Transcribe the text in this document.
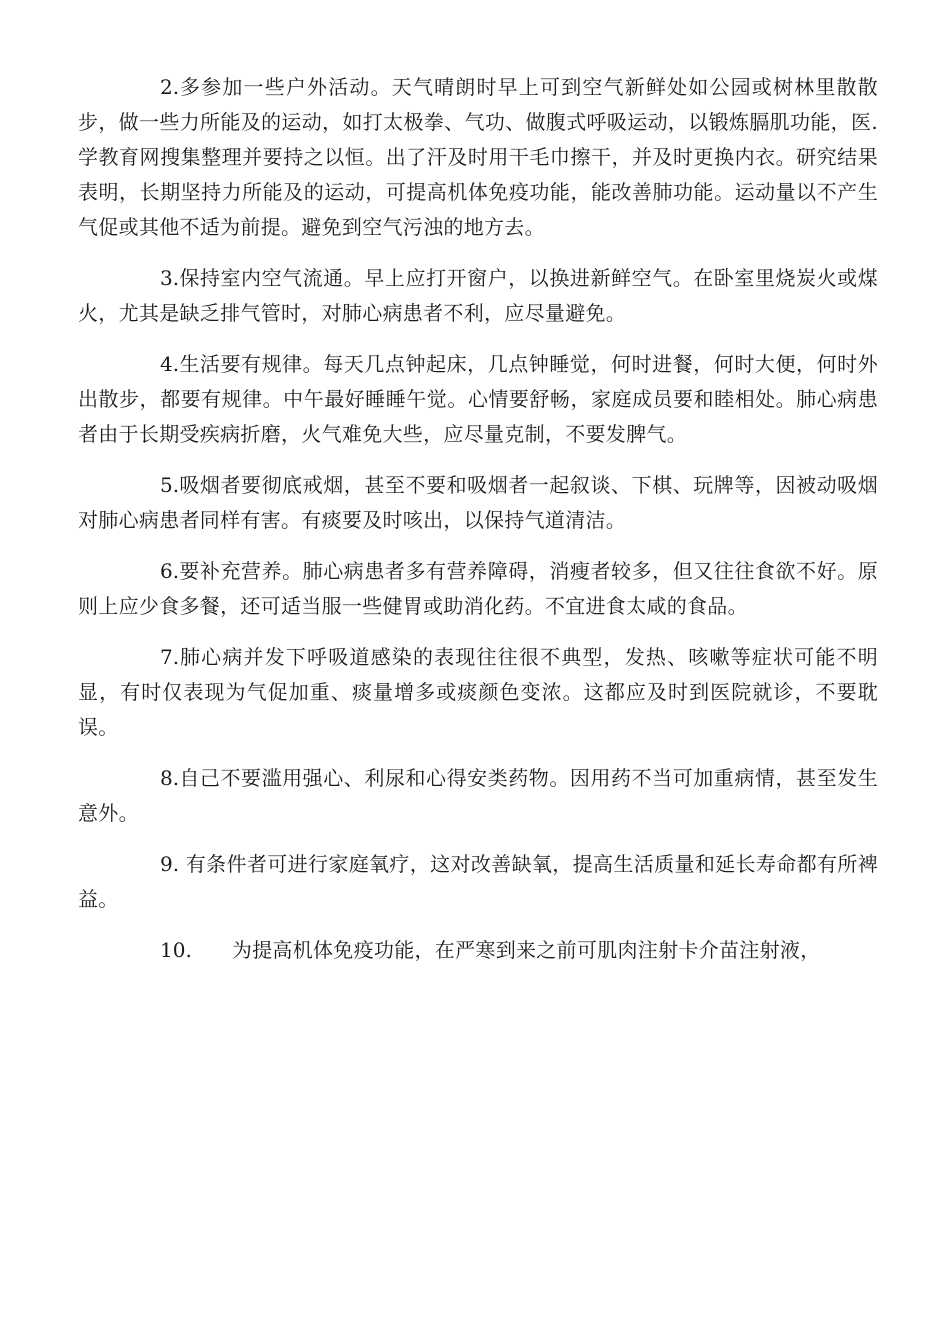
2.多参加一些户外活动。天气晴朗时早上可到空气新鲜处如公园或树林里散散步，做一些力所能及的运动，如打太极拳、气功、做腹式呼吸运动，以锻炼膈肌功能，医.学教育网搜集整理并要持之以恒。出了汗及时用干毛巾擦干，并及时更换内衣。研究结果表明，长期坚持力所能及的运动，可提高机体免疫功能，能改善肺功能。运动量以不产生气促或其他不适为前提。避免到空气污浊的地方去。

3.保持室内空气流通。早上应打开窗户，以换进新鲜空气。在卧室里烧炭火或煤火，尤其是缺乏排气管时，对肺心病患者不利，应尽量避免。

4.生活要有规律。每天几点钟起床，几点钟睡觉，何时进餐，何时大便，何时外出散步，都要有规律。中午最好睡睡午觉。心情要舒畅，家庭成员要和睦相处。肺心病患者由于长期受疾病折磨，火气难免大些，应尽量克制，不要发脾气。

5.吸烟者要彻底戒烟，甚至不要和吸烟者一起叙谈、下棋、玩牌等，因被动吸烟对肺心病患者同样有害。有痰要及时咳出，以保持气道清洁。

6.要补充营养。肺心病患者多有营养障碍，消瘦者较多，但又往往食欲不好。原则上应少食多餐，还可适当服一些健胃或助消化药。不宜进食太咸的食品。

7.肺心病并发下呼吸道感染的表现往往很不典型，发热、咳嗽等症状可能不明显，有时仅表现为气促加重、痰量增多或痰颜色变浓。这都应及时到医院就诊，不要耽误。

8.自己不要滥用强心、利尿和心得安类药物。因用药不当可加重病情，甚至发生意外。

9. 有条件者可进行家庭氧疗，这对改善缺氧，提高生活质量和延长寿命都有所裨益。

10. 为提高机体免疫功能，在严寒到来之前可肌肉注射卡介苗注射液，
